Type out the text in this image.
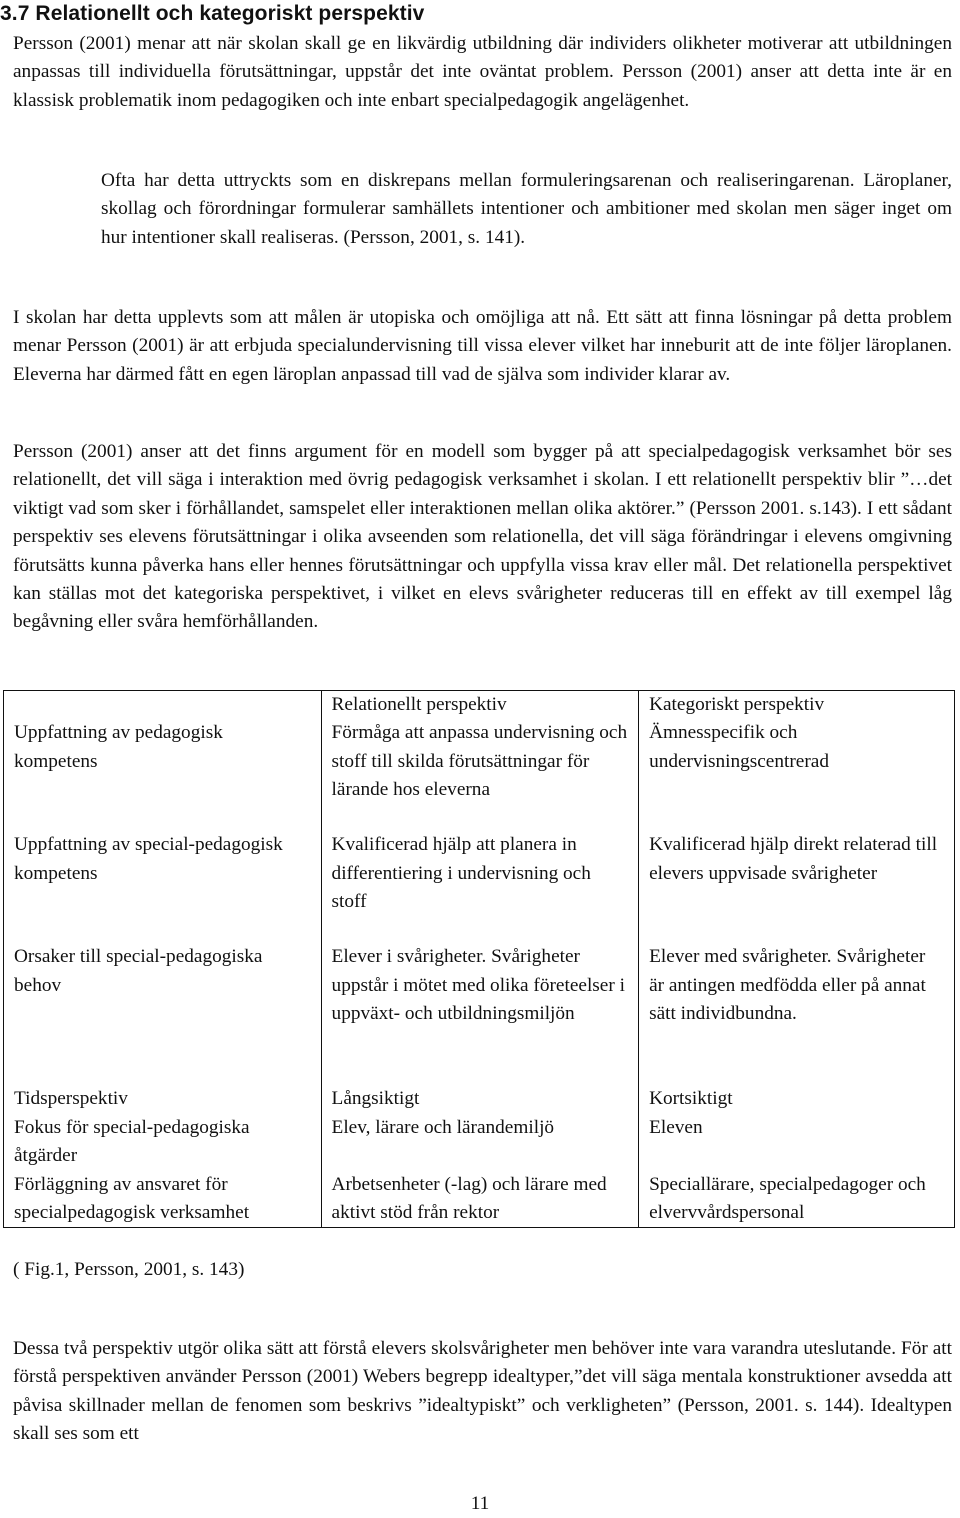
3.7 Relationellt och kategoriskt perspektiv

Persson (2001) menar att när skolan skall ge en likvärdig utbildning där individers olikheter motiverar att utbildningen anpassas till individuella förutsättningar, uppstår det inte oväntat problem. Persson (2001) anser att detta inte är en klassisk problematik inom pedagogiken och inte enbart specialpedagogik angelägenhet.

Ofta har detta uttryckts som en diskrepans mellan formuleringsarenan och realiseringarenan. Läroplaner, skollag och förordningar formulerar samhällets intentioner och ambitioner med skolan men säger inget om hur intentioner skall realiseras. (Persson, 2001, s. 141).

I skolan har detta upplevts som att målen är utopiska och omöjliga att nå. Ett sätt att finna lösningar på detta problem menar Persson (2001) är att erbjuda specialundervisning till vissa elever vilket har inneburit att de inte följer läroplanen. Eleverna har därmed fått en egen läroplan anpassad till vad de själva som individer klarar av.

Persson (2001) anser att det finns argument för en modell som bygger på att specialpedagogisk verksamhet bör ses relationellt, det vill säga i interaktion med övrig pedagogisk verksamhet i skolan. I ett relationellt perspektiv blir ”…det viktigt vad som sker i förhållandet, samspelet eller interaktionen mellan olika aktörer.” (Persson 2001. s.143). I ett sådant perspektiv ses elevens förutsättningar i olika avseenden som relationella, det vill säga förändringar i elevens omgivning förutsätts kunna påverka hans eller hennes förutsättningar och uppfylla vissa krav eller mål. Det relationella perspektivet kan ställas mot det kategoriska perspektivet, i vilket en elevs svårigheter reduceras till en effekt av till exempel låg begåvning eller svåra hemförhållanden.

	Relationellt perspektiv	Kategoriskt perspektiv
Uppfattning av pedagogisk kompetens	Förmåga att anpassa undervisning och stoff till skilda förutsättningar för lärande hos eleverna	Ämnesspecifik och undervisningscentrerad
Uppfattning av special-pedagogisk kompetens	Kvalificerad hjälp att planera in differentiering i undervisning och stoff	Kvalificerad hjälp direkt relaterad till elevers uppvisade svårigheter
Orsaker till special-pedagogiska behov	Elever i svårigheter. Svårigheter uppstår i mötet med olika företeelser i uppväxt- och utbildningsmiljön	Elever med svårigheter. Svårigheter är antingen medfödda eller på annat sätt individbundna.
Tidsperspektiv	Långsiktigt	Kortsiktigt
Fokus för special-pedagogiska åtgärder	Elev, lärare och lärandemiljö	Eleven
Förläggning av ansvaret för specialpedagogisk verksamhet	Arbetsenheter (-lag) och lärare med aktivt stöd från rektor	Speciallärare, specialpedagoger och elvervvårdspersonal

( Fig.1, Persson, 2001, s. 143)

Dessa två perspektiv utgör olika sätt att förstå elevers skolsvårigheter men behöver inte vara varandra uteslutande. För att förstå perspektiven använder Persson (2001) Webers begrepp idealtyper,”det vill säga mentala konstruktioner avsedda att påvisa skillnader mellan de fenomen som beskrivs ”idealtypiskt” och verkligheten” (Persson, 2001. s. 144). Idealtypen skall ses som ett

11
